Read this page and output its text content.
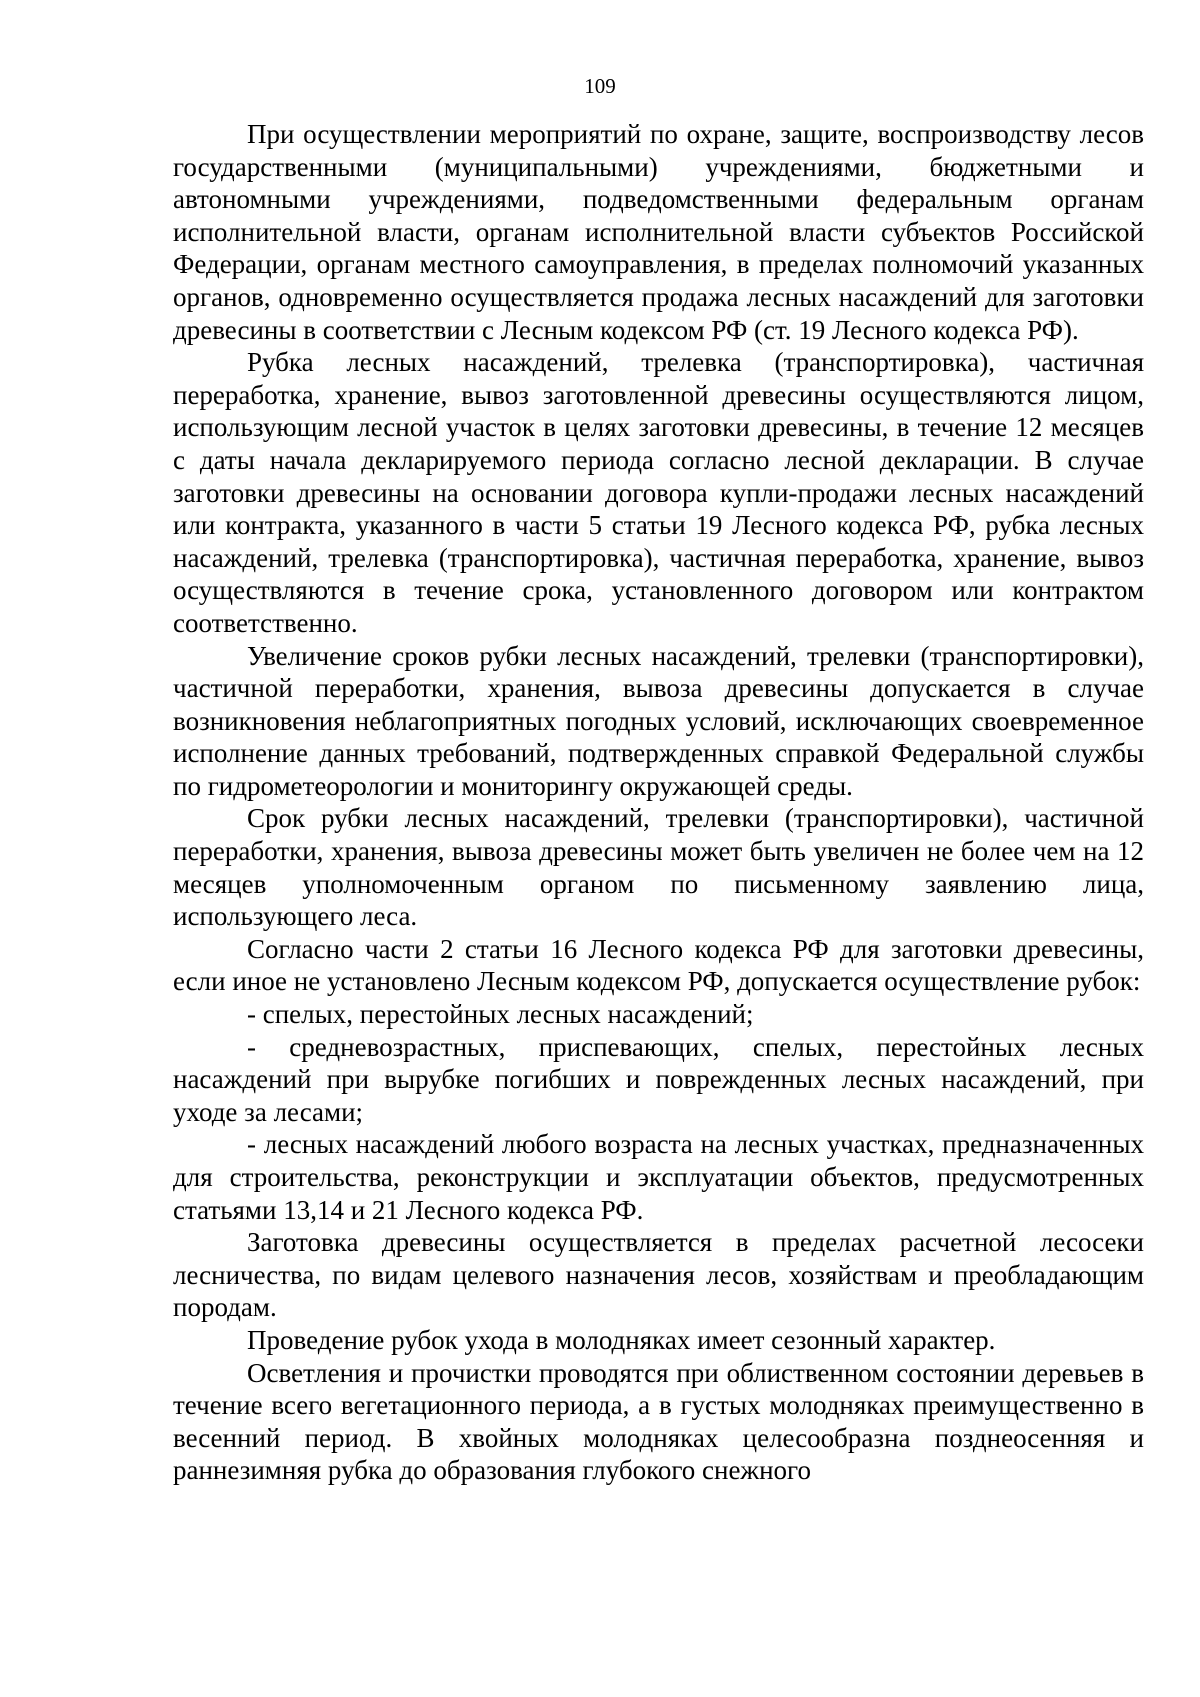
109

При осуществлении мероприятий по охране, защите, воспроизводству лесов государственными (муниципальными) учреждениями, бюджетными и автономными учреждениями, подведомственными федеральным органам исполнительной власти, органам исполнительной власти субъектов Российской Федерации, органам местного самоуправления, в пределах полномочий указанных органов, одновременно осуществляется продажа лесных насаждений для заготовки древесины в соответствии с Лесным кодексом РФ (ст. 19 Лесного кодекса РФ).

Рубка лесных насаждений, трелевка (транспортировка), частичная переработка, хранение, вывоз заготовленной древесины осуществляются лицом, использующим лесной участок в целях заготовки древесины, в течение 12 месяцев с даты начала декларируемого периода согласно лесной декларации. В случае заготовки древесины на основании договора купли-продажи лесных насаждений или контракта, указанного в части 5 статьи 19 Лесного кодекса РФ, рубка лесных насаждений, трелевка (транспортировка), частичная переработка, хранение, вывоз осуществляются в течение срока, установленного договором или контрактом соответственно.

Увеличение сроков рубки лесных насаждений, трелевки (транспортировки), частичной переработки, хранения, вывоза древесины допускается в случае возникновения неблагоприятных погодных условий, исключающих своевременное исполнение данных требований, подтвержденных справкой Федеральной службы по гидрометеорологии и мониторингу окружающей среды.

Срок рубки лесных насаждений, трелевки (транспортировки), частичной переработки, хранения, вывоза древесины может быть увеличен не более чем на 12 месяцев уполномоченным органом по письменному заявлению лица, использующего леса.

Согласно части 2 статьи 16 Лесного кодекса РФ для заготовки древесины, если иное не установлено Лесным кодексом РФ, допускается осуществление рубок:

- спелых, перестойных лесных насаждений;

- средневозрастных, приспевающих, спелых, перестойных лесных насаждений при вырубке погибших и поврежденных лесных насаждений, при уходе за лесами;

- лесных насаждений любого возраста на лесных участках, предназначенных для строительства, реконструкции и эксплуатации объектов, предусмотренных статьями 13,14 и 21 Лесного кодекса РФ.

Заготовка древесины осуществляется в пределах расчетной лесосеки лесничества, по видам целевого назначения лесов, хозяйствам и преобладающим породам.

Проведение рубок ухода в молодняках имеет сезонный характер.

Осветления и прочистки проводятся при облиственном состоянии деревьев в течение всего вегетационного периода, а в густых молодняках преимущественно в весенний период. В хвойных молодняках целесообразна позднеосенняя и раннезимняя рубка до образования глубокого снежного
